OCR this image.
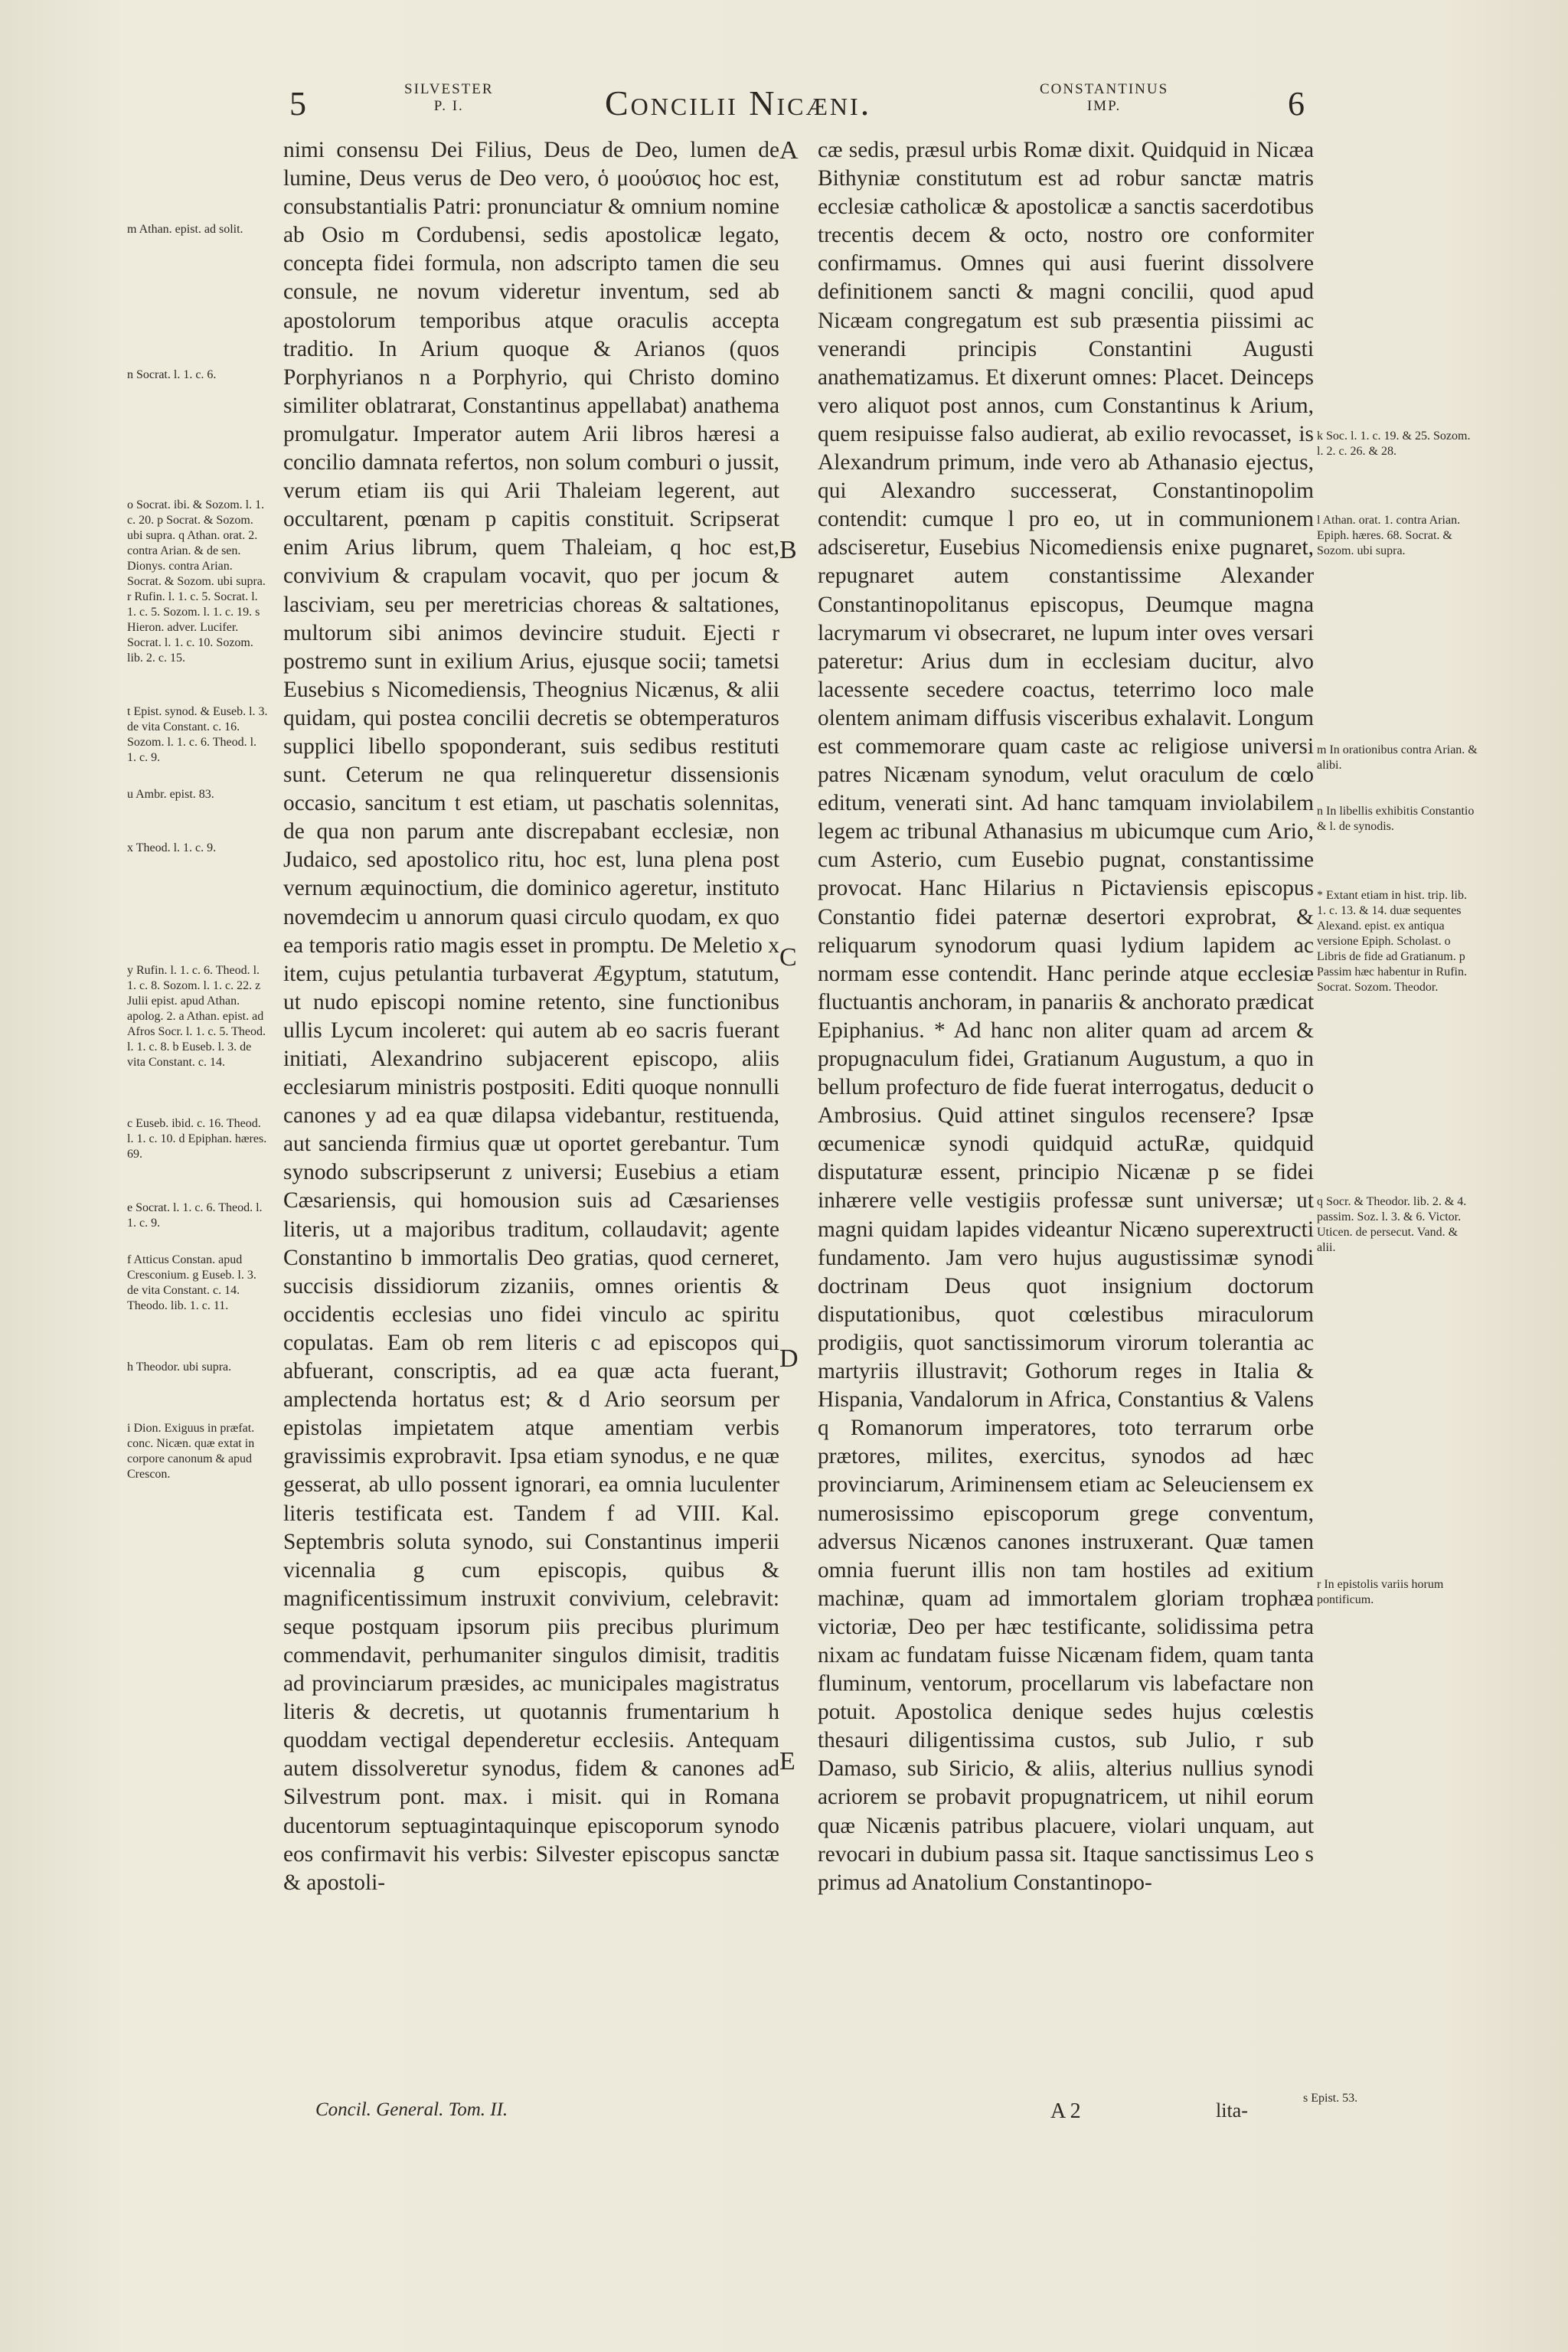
5	SILVESTER
P. I.	Concilii Nicæni.	CONSTANTINUS
IMP.	6

m Athan. epist. ad solit.

n Socrat. l. 1. c. 6.

o Socrat. ibi. & Sozom. l. 1. c. 20. p Socrat. & Sozom. ubi supra. q Athan. orat. 2. contra Arian. & de sen. Dionys. contra Arian. Socrat. & Sozom. ubi supra. r Rufin. l. 1. c. 5. Socrat. l. 1. c. 5. Sozom. l. 1. c. 19. s Hieron. adver. Lucifer. Socrat. l. 1. c. 10. Sozom. lib. 2. c. 15.

t Epist. synod. & Euseb. l. 3. de vita Constant. c. 16. Sozom. l. 1. c. 6. Theod. l. 1. c. 9.

u Ambr. epist. 83.

x Theod. l. 1. c. 9.

y Rufin. l. 1. c. 6. Theod. l. 1. c. 8. Sozom. l. 1. c. 22. z Julii epist. apud Athan. apolog. 2. a Athan. epist. ad Afros Socr. l. 1. c. 5. Theod. l. 1. c. 8. b Euseb. l. 3. de vita Constant. c. 14.

c Euseb. ibid. c. 16. Theod. l. 1. c. 10. d Epiphan. hæres. 69.

e Socrat. l. 1. c. 6. Theod. l. 1. c. 9.

f Atticus Constan. apud Cresconium. g Euseb. l. 3. de vita Constant. c. 14. Theodo. lib. 1. c. 11.

h Theodor. ubi supra.

i Dion. Exiguus in præfat. conc. Nicæn. quæ extat in corpore canonum & apud Crescon.

nimi consensu Dei Filius, Deus de Deo, lumen de lumine, Deus verus de Deo vero, ὁ μοούσιος hoc est, consubstantialis Patri: pronunciatur & omnium nomine ab Osio m Cordubensi, sedis apostolicæ legato, concepta fidei formula, non adscripto tamen die seu consule, ne novum videretur inventum, sed ab apostolorum temporibus atque oraculis accepta traditio. In Arium quoque & Arianos (quos Porphyrianos n a Porphyrio, qui Christo domino similiter oblatrarat, Constantinus appellabat) anathema promulgatur. Imperator autem Arii libros hæresi a concilio damnata refertos, non solum comburi o jussit, verum etiam iis qui Arii Thaleiam legerent, aut occultarent, pœnam p capitis constituit. Scripserat enim Arius librum, quem Thaleiam, q hoc est, convivium & crapulam vocavit, quo per jocum & lasciviam, seu per meretricias choreas & saltationes, multorum sibi animos devincire studuit. Ejecti r postremo sunt in exilium Arius, ejusque socii; tametsi Eusebius s Nicomediensis, Theognius Nicænus, & alii quidam, qui postea concilii decretis se obtemperaturos supplici libello spoponderant, suis sedibus restituti sunt. Ceterum ne qua relinqueretur dissensionis occasio, sancitum t est etiam, ut paschatis solennitas, de qua non parum ante discrepabant ecclesiæ, non Judaico, sed apostolico ritu, hoc est, luna plena post vernum æquinoctium, die dominico ageretur, instituto novemdecim u annorum quasi circulo quodam, ex quo ea temporis ratio magis esset in promptu. De Meletio x item, cujus petulantia turbaverat Ægyptum, statutum, ut nudo episcopi nomine retento, sine functionibus ullis Lycum incoleret: qui autem ab eo sacris fuerant initiati, Alexandrino subjacerent episcopo, aliis ecclesiarum ministris postpositi. Editi quoque nonnulli canones y ad ea quæ dilapsa videbantur, restituenda, aut sancienda firmius quæ ut oportet gerebantur. Tum synodo subscripserunt z universi; Eusebius a etiam Cæsariensis, qui homousion suis ad Cæsarienses literis, ut a majoribus traditum, collaudavit; agente Constantino b immortalis Deo gratias, quod cerneret, succisis dissidiorum zizaniis, omnes orientis & occidentis ecclesias uno fidei vinculo ac spiritu copulatas. Eam ob rem literis c ad episcopos qui abfuerant, conscriptis, ad ea quæ acta fuerant, amplectenda hortatus est; & d Ario seorsum per epistolas impietatem atque amentiam verbis gravissimis exprobravit. Ipsa etiam synodus, e ne quæ gesserat, ab ullo possent ignorari, ea omnia luculenter literis testificata est. Tandem f ad VIII. Kal. Septembris soluta synodo, sui Constantinus imperii vicennalia g cum episcopis, quibus & magnificentissimum instruxit convivium, celebravit: seque postquam ipsorum piis precibus plurimum commendavit, perhumaniter singulos dimisit, traditis ad provinciarum præsides, ac municipales magistratus literis & decretis, ut quotannis frumentarium h quoddam vectigal dependeretur ecclesiis. Antequam autem dissolveretur synodus, fidem & canones ad Silvestrum pont. max. i misit. qui in Romana ducentorum septuagintaquinque episcoporum synodo eos confirmavit his verbis: Silvester episcopus sanctæ & apostoli-

cæ sedis, præsul urbis Romæ dixit. Quidquid in Nicæa Bithyniæ constitutum est ad robur sanctæ matris ecclesiæ catholicæ & apostolicæ a sanctis sacerdotibus trecentis decem & octo, nostro ore conformiter confirmamus. Omnes qui ausi fuerint dissolvere definitionem sancti & magni concilii, quod apud Nicæam congregatum est sub præsentia piissimi ac venerandi principis Constantini Augusti anathematizamus. Et dixerunt omnes: Placet. Deinceps vero aliquot post annos, cum Constantinus k Arium, quem resipuisse falso audierat, ab exilio revocasset, is Alexandrum primum, inde vero ab Athanasio ejectus, qui Alexandro successerat, Constantinopolim contendit: cumque l pro eo, ut in communionem adsciseretur, Eusebius Nicomediensis enixe pugnaret, repugnaret autem constantissime Alexander Constantinopolitanus episcopus, Deumque magna lacrymarum vi obsecraret, ne lupum inter oves versari pateretur: Arius dum in ecclesiam ducitur, alvo lacessente secedere coactus, teterrimo loco male olentem animam diffusis visceribus exhalavit. Longum est commemorare quam caste ac religiose universi patres Nicænam synodum, velut oraculum de cœlo editum, venerati sint. Ad hanc tamquam inviolabilem legem ac tribunal Athanasius m ubicumque cum Ario, cum Asterio, cum Eusebio pugnat, constantissime provocat. Hanc Hilarius n Pictaviensis episcopus Constantio fidei paternæ desertori exprobrat, & reliquarum synodorum quasi lydium lapidem ac normam esse contendit. Hanc perinde atque ecclesiæ fluctuantis anchoram, in panariis & anchorato prædicat Epiphanius. * Ad hanc non aliter quam ad arcem & propugnaculum fidei, Gratianum Augustum, a quo in bellum profecturo de fide fuerat interrogatus, deducit o Ambrosius. Quid attinet singulos recensere? Ipsæ œcumenicæ synodi quidquid actuRæ, quidquid disputaturæ essent, principio Nicænæ p se fidei inhærere velle vestigiis professæ sunt universæ; ut magni quidam lapides videantur Nicæno superextructi fundamento. Jam vero hujus augustissimæ synodi doctrinam Deus quot insignium doctorum disputationibus, quot cœlestibus miraculorum prodigiis, quot sanctissimorum virorum tolerantia ac martyriis illustravit; Gothorum reges in Italia & Hispania, Vandalorum in Africa, Constantius & Valens q Romanorum imperatores, toto terrarum orbe prætores, milites, exercitus, synodos ad hæc provinciarum, Ariminensem etiam ac Seleuciensem ex numerosissimo episcoporum grege conventum, adversus Nicænos canones instruxerant. Quæ tamen omnia fuerunt illis non tam hostiles ad exitium machinæ, quam ad immortalem gloriam trophæa victoriæ, Deo per hæc testificante, solidissima petra nixam ac fundatam fuisse Nicænam fidem, quam tanta fluminum, ventorum, procellarum vis labefactare non potuit. Apostolica denique sedes hujus cœlestis thesauri diligentissima custos, sub Julio, r sub Damaso, sub Siricio, & aliis, alterius nullius synodi acriorem se probavit propugnatricem, ut nihil eorum quæ Nicænis patribus placuere, violari unquam, aut revocari in dubium passa sit. Itaque sanctissimus Leo s primus ad Anatolium Constantinopo-

A
B
C
D
E

k Soc. l. 1. c. 19. & 25. Sozom. l. 2. c. 26. & 28.

l Athan. orat. 1. contra Arian. Epiph. hæres. 68. Socrat. & Sozom. ubi supra.

m In orationibus contra Arian. & alibi.

n In libellis exhibitis Constantio & l. de synodis.

* Extant etiam in hist. trip. lib. 1. c. 13. & 14. duæ sequentes Alexand. epist. ex antiqua versione Epiph. Scholast. o Libris de fide ad Gratianum. p Passim hæc habentur in Rufin. Socrat. Sozom. Theodor.

q Socr. & Theodor. lib. 2. & 4. passim. Soz. l. 3. & 6. Victor. Uticen. de persecut. Vand. & alii.

r In epistolis variis horum pontificum.

Concil. General. Tom. II.	A 2	lita-
s Epist. 53.
